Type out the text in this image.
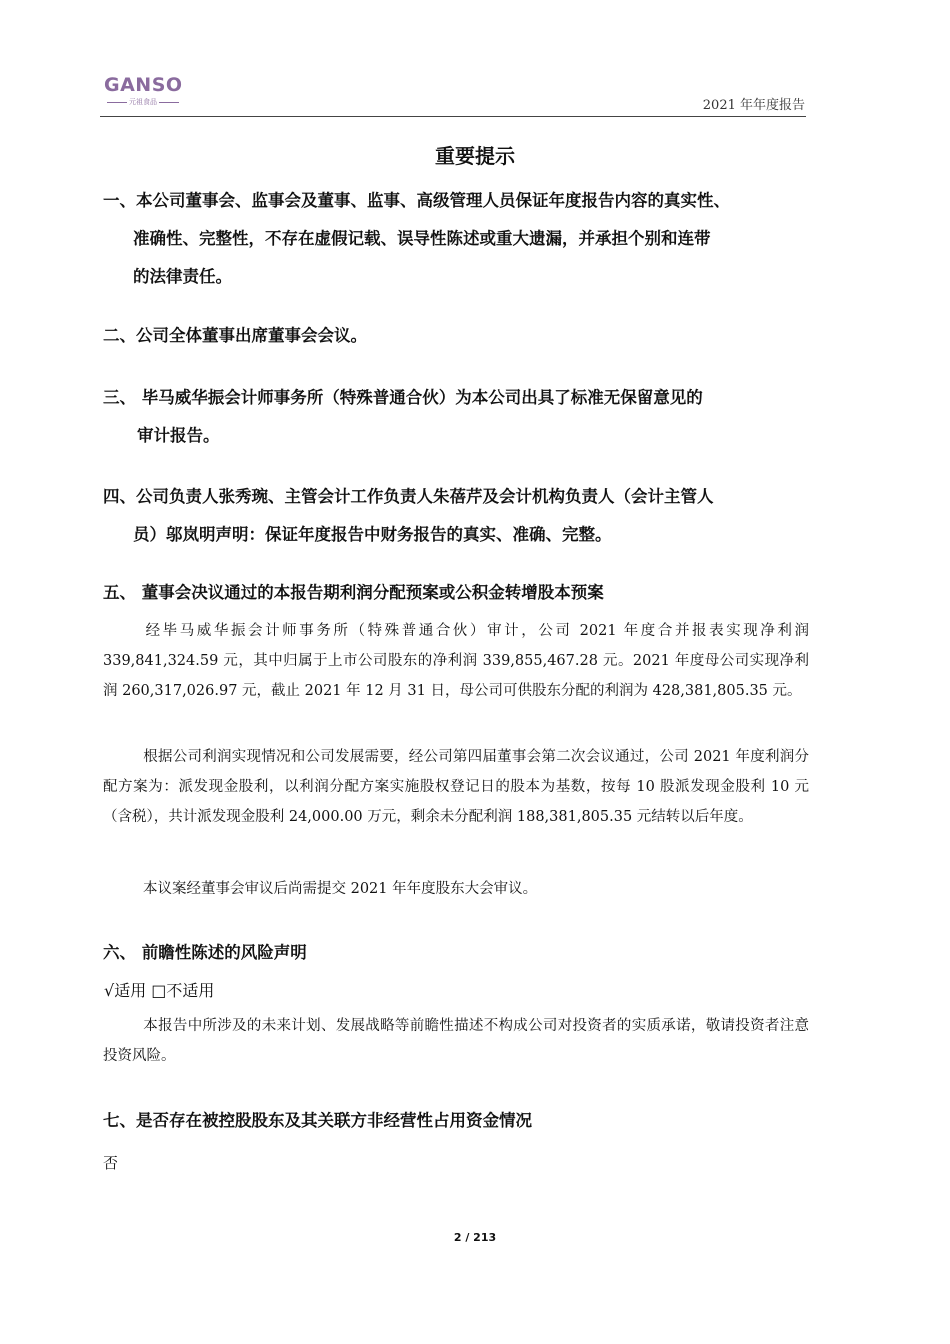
GANSO
元祖食品	2021 年年度报告
重要提示
一、本公司董事会、监事会及董事、监事、高级管理人员保证年度报告内容的真实性、
准确性、完整性，不存在虚假记载、误导性陈述或重大遗漏，并承担个别和连带
的法律责任。
二、公司全体董事出席董事会会议。
三、 毕马威华振会计师事务所（特殊普通合伙）为本公司出具了标准无保留意见的
审计报告。
四、公司负责人张秀琬、主管会计工作负责人朱蓓芹及会计机构负责人（会计主管人
员）邬岚明声明：保证年度报告中财务报告的真实、准确、完整。
五、 董事会决议通过的本报告期利润分配预案或公积金转增股本预案
经毕马威华振会计师事务所（特殊普通合伙）审计，公司 2021 年度合并报表实现净利润 339,841,324.59 元，其中归属于上市公司股东的净利润 339,855,467.28 元。2021 年度母公司实现净利润 260,317,026.97 元，截止 2021 年 12 月 31 日，母公司可供股东分配的利润为 428,381,805.35 元。
根据公司利润实现情况和公司发展需要，经公司第四届董事会第二次会议通过，公司 2021 年度利润分配方案为：派发现金股利，以利润分配方案实施股权登记日的股本为基数，按每 10 股派发现金股利 10 元（含税），共计派发现金股利 24,000.00 万元，剩余未分配利润 188,381,805.35 元结转以后年度。
本议案经董事会审议后尚需提交 2021 年年度股东大会审议。
六、 前瞻性陈述的风险声明
√适用 □不适用
本报告中所涉及的未来计划、发展战略等前瞻性描述不构成公司对投资者的实质承诺，敬请投资者注意投资风险。
七、是否存在被控股股东及其关联方非经营性占用资金情况
否
2 / 213
